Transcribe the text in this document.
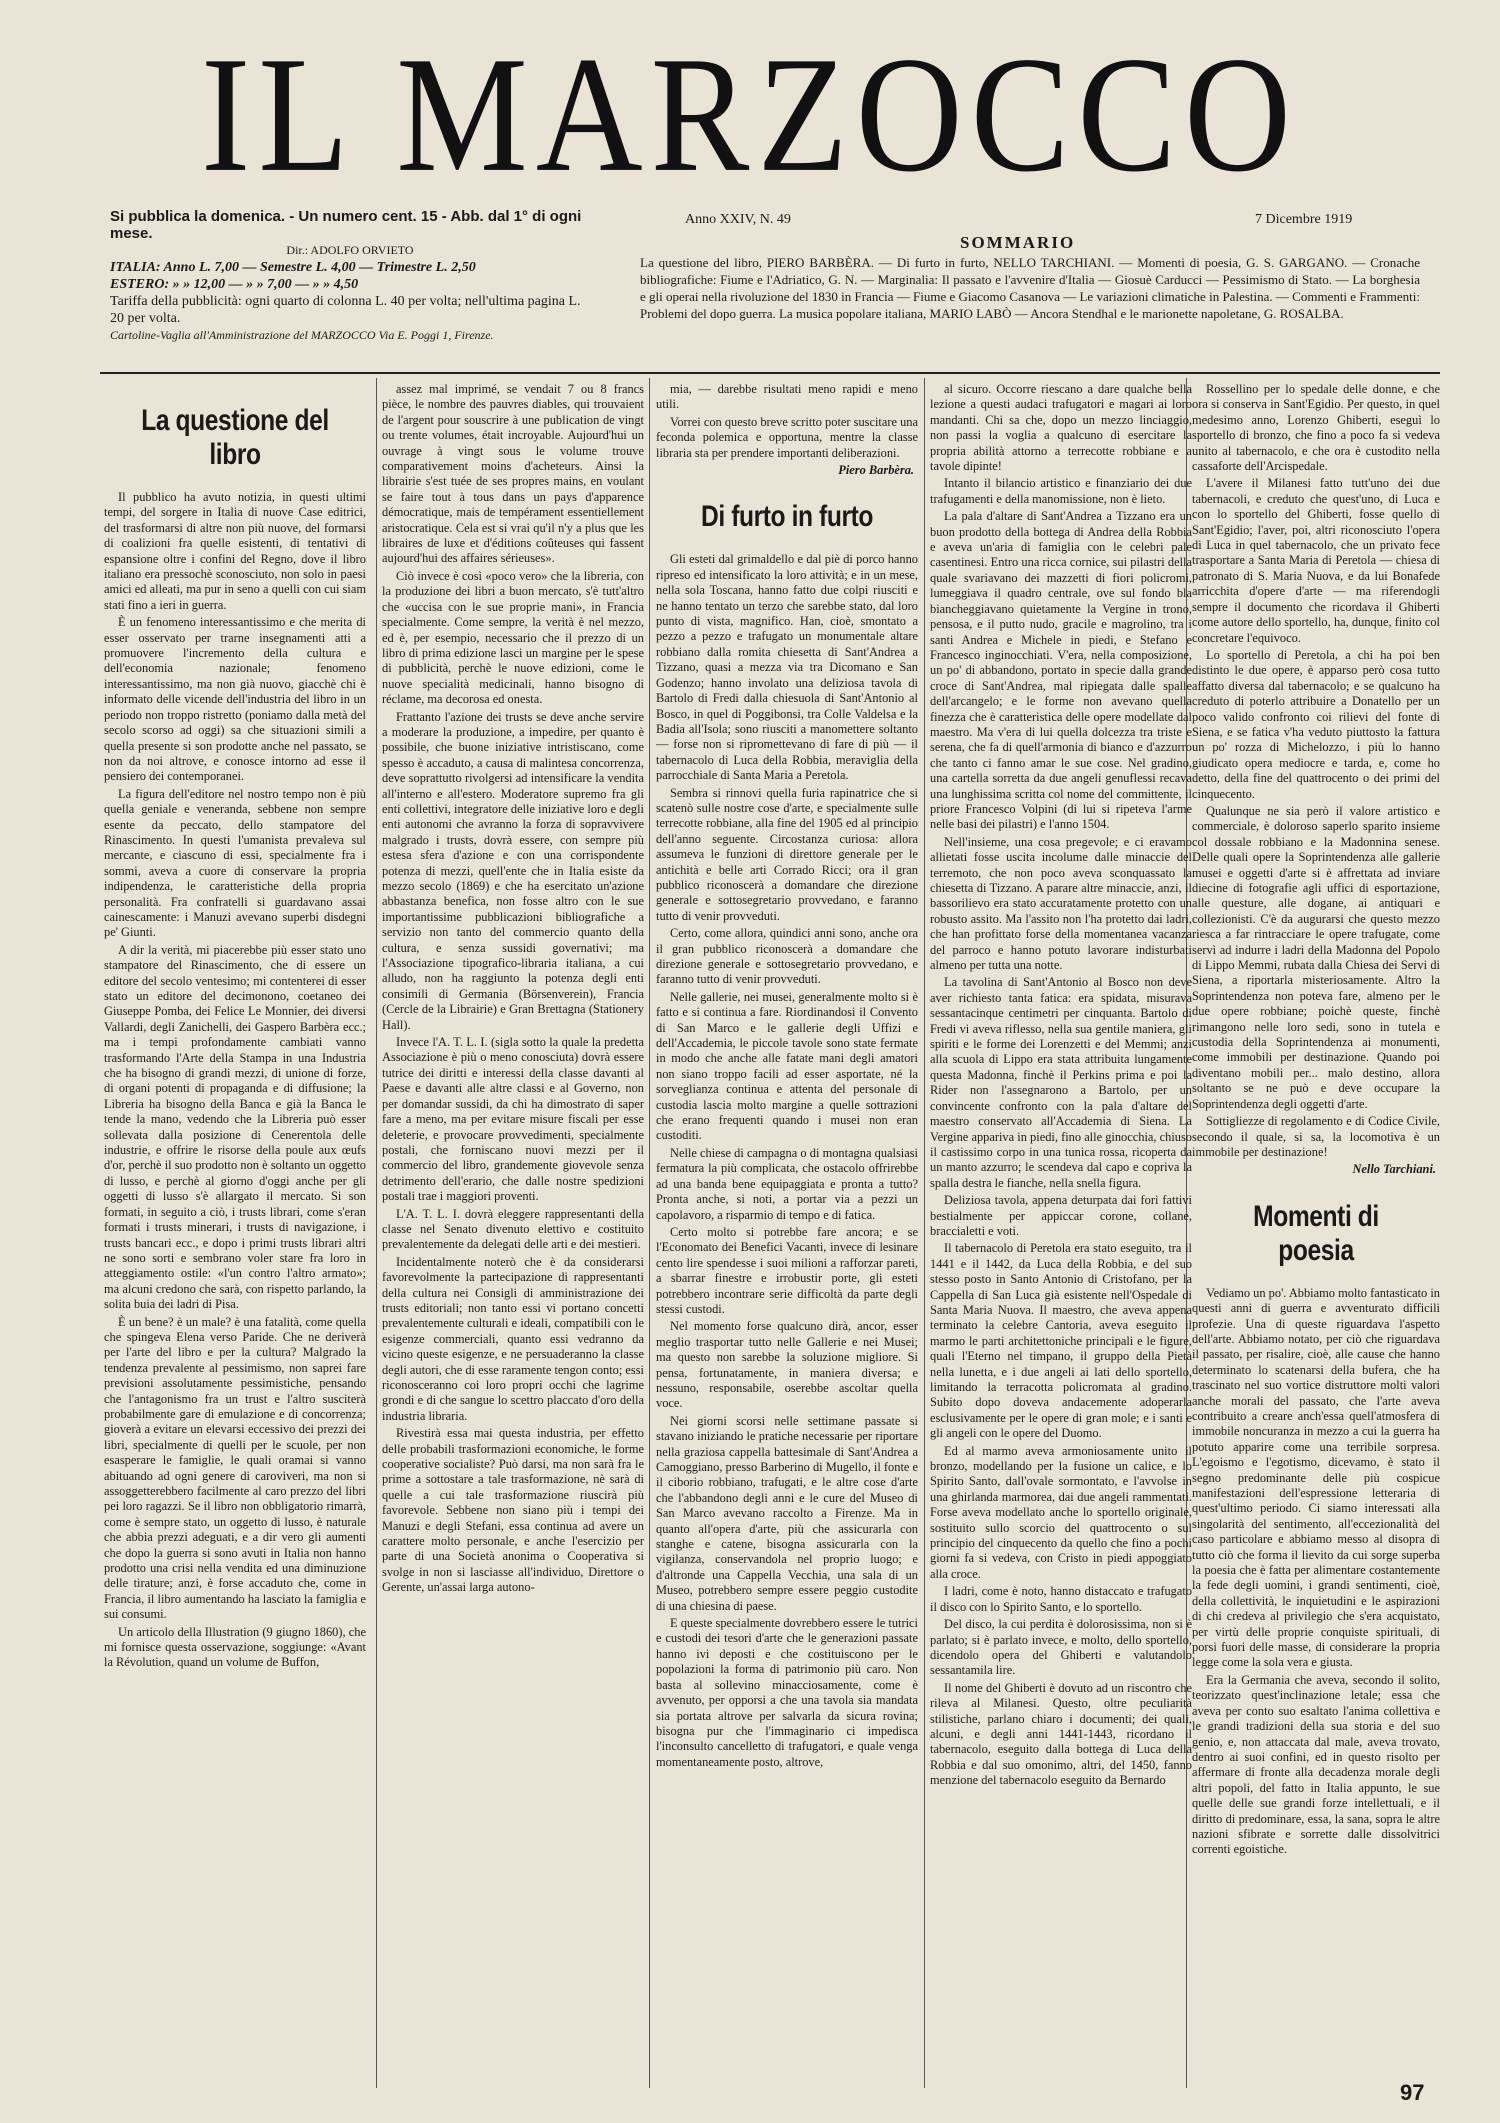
IL MARZOCCO
Si pubblica la domenica. - Un numero cent. 15 - Abb. dal 1° di ogni mese.
Dir.: ADOLFO ORVIETO
ITALIA: Anno L. 7,00 — Semestre L. 4,00 — Trimestre L. 2,50
ESTERO: » » 12,00 — » » 7,00 — » » 4,50
Tariffa della pubblicità: ogni quarto di colonna L. 40 per volta; nell'ultima pagina L. 20 per volta.
Cartoline-Vaglia all'Amministrazione del MARZOCCO Via E. Poggi 1, Firenze.
Anno XXIV, N. 49	7 Dicembre 1919
SOMMARIO
La questione del libro, PIERO BARBÈRA. — Di furto in furto, NELLO TARCHIANI. — Momenti di poesia, G. S. GARGANO. — Cronache bibliografiche: Fiume e l'Adriatico, G. N. — Marginalia: Il passato e l'avvenire d'Italia — Giosuè Carducci — Pessimismo di Stato. — La borghesia e gli operai nella rivoluzione del 1830 in Francia — Fiume e Giacomo Casanova — Le variazioni climatiche in Palestina. — Commenti e Frammenti: Problemi del dopo guerra. La musica popolare italiana, MARIO LABÒ — Ancora Stendhal e le marionette napoletane, G. ROSALBA.
La questione del libro

Il pubblico ha avuto notizia, in questi ultimi tempi, del sorgere in Italia di nuove Case editrici, del trasformarsi di altre non più nuove, del formarsi di coalizioni fra quelle esistenti, di tentativi di espansione oltre i confini del Regno, dove il libro italiano era pressochè sconosciuto, non solo in paesi amici ed alleati, ma pur in seno a quelli con cui siam stati fino a ieri in guerra.

È un fenomeno interessantissimo e che merita di esser osservato per trarne insegnamenti atti a promuovere l'incremento della cultura e dell'economia nazionale; fenomeno interessantissimo, ma non già nuovo, giacchè chi è informato delle vicende dell'industria del libro in un periodo non troppo ristretto (poniamo dalla metà del secolo scorso ad oggi) sa che situazioni simili a quella presente si son prodotte anche nel passato, se non da noi altrove, e conosce intorno ad esse il pensiero dei contemporanei.

La figura dell'editore nel nostro tempo non è più quella geniale e veneranda, sebbene non sempre esente da peccato, dello stampatore del Rinascimento. In questi l'umanista prevaleva sul mercante, e ciascuno di essi, specialmente fra i sommi, aveva a cuore di conservare la propria indipendenza, le caratteristiche della propria personalità. Fra confratelli si guardavano assai cainescamente: i Manuzi avevano superbi disdegni pe' Giunti.

A dir la verità, mi piacerebbe più esser stato uno stampatore del Rinascimento, che di essere un editore del secolo ventesimo; mi contenterei di esser stato un editore del decimonono, coetaneo dei Giuseppe Pomba, dei Felice Le Monnier, dei diversi Vallardi, degli Zanichelli, dei Gaspero Barbèra ecc.; ma i tempi profondamente cambiati vanno trasformando l'Arte della Stampa in una Industria che ha bisogno di grandi mezzi, di unione di forze, di organi potenti di propaganda e di diffusione; la Libreria ha bisogno della Banca e già la Banca le tende la mano, vedendo che la Libreria può esser sollevata dalla posizione di Cenerentola delle industrie, e offrire le risorse della poule aux œufs d'or, perchè il suo prodotto non è soltanto un oggetto di lusso, e perchè al giorno d'oggi anche per gli oggetti di lusso s'è allargato il mercato. Si son formati, in seguito a ciò, i trusts librari, come s'eran formati i trusts minerari, i trusts di navigazione, i trusts bancari ecc., e dopo i primi trusts librari altri ne sono sorti e sembrano voler stare fra loro in atteggiamento ostile: «l'un contro l'altro armato»; ma alcuni credono che sarà, con rispetto parlando, la solita buia dei ladri di Pisa.

È un bene? è un male? è una fatalità, come quella che spingeva Elena verso Paride. Che ne deriverà per l'arte del libro e per la cultura? Malgrado la tendenza prevalente al pessimismo, non saprei fare previsioni assolutamente pessimistiche, pensando che l'antagonismo fra un trust e l'altro susciterà probabilmente gare di emulazione e di concorrenza; gioverà a evitare un elevarsi eccessivo dei prezzi dei libri, specialmente di quelli per le scuole, per non esasperare le famiglie, le quali oramai si vanno abituando ad ogni genere di caroviveri, ma non si assoggetterebbero facilmente al caro prezzo del libri pei loro ragazzi. Se il libro non obbligatorio rimarrà, come è sempre stato, un oggetto di lusso, è naturale che abbia prezzi adeguati, e a dir vero gli aumenti che dopo la guerra si sono avuti in Italia non hanno prodotto una crisi nella vendita ed una diminuzione delle tirature; anzi, è forse accaduto che, come in Francia, il libro aumentando ha lasciato la famiglia e sui consumi.

Un articolo della Illustration (9 giugno 1860), che mi fornisce questa osservazione, soggiunge: «Avant la Révolution, quand un volume de Buffon,

assez mal imprimé, se vendait 7 ou 8 francs pièce, le nombre des pauvres diables, qui trouvaient de l'argent pour souscrire à une publication de vingt ou trente volumes, était incroyable. Aujourd'hui un ouvrage à vingt sous le volume trouve comparativement moins d'acheteurs. Ainsi la librairie s'est tuée de ses propres mains, en voulant se faire tout à tous dans un pays d'apparence démocratique, mais de tempérament essentiellement aristocratique. Cela est si vrai qu'il n'y a plus que les libraires de luxe et d'éditions coûteuses qui fassent aujourd'hui des affaires sérieuses».

Ciò invece è così «poco vero» che la libreria, con la produzione dei libri a buon mercato, s'è tutt'altro che «uccisa con le sue proprie mani», in Francia specialmente. Come sempre, la verità è nel mezzo, ed è, per esempio, necessario che il prezzo di un libro di prima edizione lasci un margine per le spese di pubblicità, perchè le nuove edizioni, come le nuove specialità medicinali, hanno bisogno di réclame, ma decorosa ed onesta.

Frattanto l'azione dei trusts se deve anche servire a moderare la produzione, a impedire, per quanto è possibile, che buone iniziative intristiscano, come spesso è accaduto, a causa di malintesa concorrenza, deve soprattutto rivolgersi ad intensificare la vendita all'interno e all'estero. Moderatore supremo fra gli enti collettivi, integratore delle iniziative loro e degli enti autonomi che avranno la forza di sopravvivere malgrado i trusts, dovrà essere, con sempre più estesa sfera d'azione e con una corrispondente potenza di mezzi, quell'ente che in Italia esiste da mezzo secolo (1869) e che ha esercitato un'azione abbastanza benefica, non fosse altro con le sue importantissime pubblicazioni bibliografiche a servizio non tanto del commercio quanto della cultura, e senza sussidi governativi; ma l'Associazione tipografico-libraria italiana, a cui alludo, non ha raggiunto la potenza degli enti consimili di Germania (Börsenverein), Francia (Cercle de la Librairie) e Gran Brettagna (Stationery Hall).

Invece l'A. T. L. I. (sigla sotto la quale la predetta Associazione è più o meno conosciuta) dovrà essere tutrice dei diritti e interessi della classe davanti al Paese e davanti alle altre classi e al Governo, non per domandar sussidi, da chi ha dimostrato di saper fare a meno, ma per evitare misure fiscali per esse deleterie, e provocare provvedimenti, specialmente postali, che forniscano nuovi mezzi per il commercio del libro, grandemente giovevole senza detrimento dell'erario, che dalle nostre spedizioni postali trae i maggiori proventi.

L'A. T. L. I. dovrà eleggere rappresentanti della classe nel Senato divenuto elettivo e costituito prevalentemente da delegati delle arti e dei mestieri.

Incidentalmente noterò che è da considerarsi favorevolmente la partecipazione di rappresentanti della cultura nei Consigli di amministrazione dei trusts editoriali; non tanto essi vi portano concetti prevalentemente culturali e ideali, compatibili con le esigenze commerciali, quanto essi vedranno da vicino queste esigenze, e ne persuaderanno la classe degli autori, che di esse raramente tengon conto; essi riconosceranno coi loro propri occhi che lagrime grondi e di che sangue lo scettro placcato d'oro della industria libraria.

Rivestirà essa mai questa industria, per effetto delle probabili trasformazioni economiche, le forme cooperative socialiste? Può darsi, ma non sarà fra le prime a sottostare a tale trasformazione, nè sarà di quelle a cui tale trasformazione riuscirà più favorevole. Sebbene non siano più i tempi dei Manuzi e degli Stefani, essa continua ad avere un carattere molto personale, e anche l'esercizio per parte di una Società anonima o Cooperativa si svolge in non si lasciasse all'individuo, Direttore o Gerente, un'assai larga autono-

mia, — darebbe risultati meno rapidi e meno utili.

Vorrei con questo breve scritto poter suscitare una feconda polemica e opportuna, mentre la classe libraria sta per prendere importanti deliberazioni.

Piero Barbèra.

Di furto in furto

Gli esteti dal grimaldello e dal piè di porco hanno ripreso ed intensificato la loro attività; e in un mese, nella sola Toscana, hanno fatto due colpi riusciti e ne hanno tentato un terzo che sarebbe stato, dal loro punto di vista, magnifico. Han, cioè, smontato a pezzo a pezzo e trafugato un monumentale altare robbiano dalla romita chiesetta di Sant'Andrea a Tizzano, quasi a mezza via tra Dicomano e San Godenzo; hanno involato una deliziosa tavola di Bartolo di Fredi dalla chiesuola di Sant'Antonio al Bosco, in quel di Poggibonsi, tra Colle Valdelsa e la Badia all'Isola; sono riusciti a manomettere soltanto — forse non si ripromettevano di fare di più — il tabernacolo di Luca della Robbia, meraviglia della parrocchiale di Santa Maria a Peretola.

Sembra si rinnovi quella furia rapinatrice che si scatenò sulle nostre cose d'arte, e specialmente sulle terrecotte robbiane, alla fine del 1905 ed al principio dell'anno seguente. Circostanza curiosa: allora assumeva le funzioni di direttore generale per le antichità e belle arti Corrado Ricci; ora il gran pubblico riconoscerà a domandare che direzione generale e sottosegretario provvedano, e faranno tutto di venir provveduti.

Certo, come allora, quindici anni sono, anche ora il gran pubblico riconoscerà a domandare che direzione generale e sottosegretario provvedano, e faranno tutto di venir provveduti.

Nelle gallerie, nei musei, generalmente molto si è fatto e si continua a fare. Riordinandosi il Convento di San Marco e le gallerie degli Uffizi e dell'Accademia, le piccole tavole sono state fermate in modo che anche alle fatate mani degli amatori non siano troppo facili ad esser asportate, né la sorveglianza continua e attenta del personale di custodia lascia molto margine a quelle sottrazioni che erano frequenti quando i musei non eran custoditi.

Nelle chiese di campagna o di montagna qualsiasi fermatura la più complicata, che ostacolo offrirebbe ad una banda bene equipaggiata e pronta a tutto? Pronta anche, si noti, a portar via a pezzi un capolavoro, a risparmio di tempo e di fatica.

Certo molto si potrebbe fare ancora; e se l'Economato dei Benefici Vacanti, invece di lesinare cento lire spendesse i suoi milioni a rafforzar pareti, a sbarrar finestre e irrobustir porte, gli esteti potrebbero incontrare serie difficoltà da parte degli stessi custodi.

Nel momento forse qualcuno dirà, ancor, esser meglio trasportar tutto nelle Gallerie e nei Musei; ma questo non sarebbe la soluzione migliore. Si pensa, fortunatamente, in maniera diversa; e nessuno, responsabile, oserebbe ascoltar quella voce.

Nei giorni scorsi nelle settimane passate si stavano iniziando le pratiche necessarie per riportare nella graziosa cappella battesimale di Sant'Andrea a Camoggiano, presso Barberino di Mugello, il fonte e il ciborio robbiano, trafugati, e le altre cose d'arte che l'abbandono degli anni e le cure del Museo di San Marco avevano raccolto a Firenze. Ma in quanto all'opera d'arte, più che assicurarla con stanghe e catene, bisogna assicurarla con la vigilanza, conservandola nel proprio luogo; e d'altronde una Cappella Vecchia, una sala di un Museo, potrebbero sempre essere peggio custodite di una chiesina di paese.

E queste specialmente dovrebbero essere le tutrici e custodi dei tesori d'arte che le generazioni passate hanno ivi deposti e che costituiscono per le popolazioni la forma di patrimonio più caro. Non basta al sollevino minacciosamente, come è avvenuto, per opporsi a che una tavola sia mandata sia portata altrove per salvarla da sicura rovina; bisogna pur che l'immaginario ci impedisca l'inconsulto cancelletto di trafugatori, e quale venga momentaneamente posto, altrove,

al sicuro. Occorre riescano a dare qualche bella lezione a questi audaci trafugatori e magari ai loro mandanti. Chi sa che, dopo un mezzo linciaggio, non passi la voglia a qualcuno di esercitare la propria abilità attorno a terrecotte robbiane e a tavole dipinte!

Intanto il bilancio artistico e finanziario dei due trafugamenti e della manomissione, non è lieto.

La pala d'altare di Sant'Andrea a Tizzano era un buon prodotto della bottega di Andrea della Robbia e aveva un'aria di famiglia con le celebri pale casentinesi. Entro una ricca cornice, sui pilastri della quale svariavano dei mazzetti di fiori policromi, lumeggiava il quadro centrale, ove sul fondo bla biancheggiavano quietamente la Vergine in trono, pensosa, e il putto nudo, gracile e magrolino, tra i santi Andrea e Michele in piedi, e Stefano e Francesco inginocchiati. V'era, nella composizione, un po' di abbandono, portato in specie dalla grande croce di Sant'Andrea, mal ripiegata dalle spalle dell'arcangelo; e le forme non avevano quella finezza che è caratteristica delle opere modellate dal maestro. Ma v'era di lui quella dolcezza tra triste e serena, che fa di quell'armonia di bianco e d'azzurro che tanto ci fanno amar le sue cose. Nel gradino, una cartella sorretta da due angeli genuflessi recava una lunghissima scritta col nome del committente, il priore Francesco Volpini (di lui si ripeteva l'arme nelle basi dei pilastri) e l'anno 1504.

Nell'insieme, una cosa pregevole; e ci eravamo allietati fosse uscita incolume dalle minaccie del terremoto, che non poco aveva sconquassato la chiesetta di Tizzano. A parare altre minaccie, anzi, il bassorilievo era stato accuratamente protetto con un robusto assito. Ma l'assito non l'ha protetto dai ladri, che han profittato forse della momentanea vacanza del parroco e hanno potuto lavorare indisturbati almeno per tutta una notte.

La tavolina di Sant'Antonio al Bosco non deve aver richiesto tanta fatica: era spidata, misurava sessantacinque centimetri per cinquanta. Bartolo di Fredi vi aveva riflesso, nella sua gentile maniera, gli spiriti e le forme dei Lorenzetti e del Memmi; anzi alla scuola di Lippo era stata attribuita lungamente questa Madonna, finchè il Perkins prima e poi la Rider non l'assegnarono a Bartolo, per un convincente confronto con la pala d'altare del maestro conservato all'Accademia di Siena. La Vergine appariva in piedi, fino alle ginocchia, chiuso il castissimo corpo in una tunica rossa, ricoperta da un manto azzurro; le scendeva dal capo e copriva la spalla destra le fianche, nella snella figura.

Deliziosa tavola, appena deturpata dai fori fattivi bestialmente per appiccar corone, collane, braccialetti e voti.

Il tabernacolo di Peretola era stato eseguito, tra il 1441 e il 1442, da Luca della Robbia, e del suo stesso posto in Santo Antonio di Cristofano, per la Cappella di San Luca già esistente nell'Ospedale di Santa Maria Nuova. Il maestro, che aveva appena terminato la celebre Cantoria, aveva eseguito il marmo le parti architettoniche principali e le figure, quali l'Eterno nel timpano, il gruppo della Pietà nella lunetta, e i due angeli ai lati dello sportello, limitando la terracotta policromata al gradino. Subito dopo doveva andacemente adoperarla esclusivamente per le opere di gran mole; e i santi e gli angeli con le opere del Duomo.

Ed al marmo aveva armoniosamente unito il bronzo, modellando per la fusione un calice, e lo Spirito Santo, dall'ovale sormontato, e l'avvolse in una ghirlanda marmorea, dai due angeli rammentati. Forse aveva modellato anche lo sportello originale, sostituito sullo scorcio del quattrocento o sul principio del cinquecento da quello che fino a pochi giorni fa si vedeva, con Cristo in piedi appoggiato alla croce.

I ladri, come è noto, hanno distaccato e trafugato il disco con lo Spirito Santo, e lo sportello.

Del disco, la cui perdita è dolorosissima, non si è parlato; si è parlato invece, e molto, dello sportello, dicendolo opera del Ghiberti e valutandolo sessantamila lire.

Il nome del Ghiberti è dovuto ad un riscontro che rileva al Milanesi. Questo, oltre peculiarità stilistiche, parlano chiaro i documenti; dei quali, alcuni, e degli anni 1441-1443, ricordano il tabernacolo, eseguito dalla bottega di Luca della Robbia e dal suo omonimo, altri, del 1450, fanno menzione del tabernacolo eseguito da Bernardo

Rossellino per lo spedale delle donne, e che ora si conserva in Sant'Egidio. Per questo, in quel medesimo anno, Lorenzo Ghiberti, eseguì lo sportello di bronzo, che fino a poco fa si vedeva unito al tabernacolo, e che ora è custodito nella cassaforte dell'Arcispedale.

L'avere il Milanesi fatto tutt'uno dei due tabernacoli, e creduto che quest'uno, di Luca e con lo sportello del Ghiberti, fosse quello di Sant'Egidio; l'aver, poi, altri riconosciuto l'opera di Luca in quel tabernacolo, che un privato fece trasportare a Santa Maria di Peretola — chiesa di patronato di S. Maria Nuova, e da lui Bonafede arricchita d'opere d'arte — ma riferendogli sempre il documento che ricordava il Ghiberti come autore dello sportello, ha, dunque, finito col concretare l'equivoco.

Lo sportello di Peretola, a chi ha poi ben distinto le due opere, è apparso però cosa tutto affatto diversa dal tabernacolo; e se qualcuno ha creduto di poterlo attribuire a Donatello per un poco valido confronto coi rilievi del fonte di Siena, e se fatica v'ha veduto piuttosto la fattura un po' rozza di Michelozzo, i più lo hanno giudicato opera mediocre e tarda, e, come ho detto, della fine del quattrocento o dei primi del cinquecento.

Qualunque ne sia però il valore artistico e commerciale, è doloroso saperlo sparito insieme col dossale robbiano e la Madonnina senese. Delle quali opere la Soprintendenza alle gallerie musei e oggetti d'arte si è affrettata ad inviare diecine di fotografie agli uffici di esportazione, alle questure, alle dogane, ai antiquari e collezionisti. C'è da augurarsi che questo mezzo riesca a far rintracciare le opere trafugate, come servì ad indurre i ladri della Madonna del Popolo di Lippo Memmi, rubata dalla Chiesa dei Servi di Siena, a riportarla misteriosamente. Altro la Soprintendenza non poteva fare, almeno per le due opere robbiane; poichè queste, finchè rimangono nelle loro sedi, sono in tutela e custodia della Soprintendenza ai monumenti, come immobili per destinazione. Quando poi diventano mobili per... malo destino, allora soltanto se ne può e deve occupare la Soprintendenza degli oggetti d'arte.

Sottigliezze di regolamento e di Codice Civile, secondo il quale, si sa, la locomotiva è un immobile per destinazione!

Nello Tarchiani.

Momenti di poesia

Vediamo un po'. Abbiamo molto fantasticato in questi anni di guerra e avventurato difficili profezie. Una di queste riguardava l'aspetto dell'arte. Abbiamo notato, per ciò che riguardava il passato, per risalire, cioè, alle cause che hanno determinato lo scatenarsi della bufera, che ha trascinato nel suo vortice distruttore molti valori anche morali del passato, che l'arte aveva contribuito a creare anch'essa quell'atmosfera di immobile noncuranza in mezzo a cui la guerra ha potuto apparire come una terribile sorpresa. L'egoismo e l'egotismo, dicevamo, è stato il segno predominante delle più cospicue manifestazioni dell'espressione letteraria di quest'ultimo periodo. Ci siamo interessati alla singolarità del sentimento, all'eccezionalità del caso particolare e abbiamo messo al disopra di tutto ciò che forma il lievito da cui sorge superba la poesia che è fatta per alimentare costantemente la fede degli uomini, i grandi sentimenti, cioè, della collettività, le inquietudini e le aspirazioni di chi credeva al privilegio che s'era acquistato, per virtù delle proprie conquiste spirituali, di porsi fuori delle masse, di considerare la propria legge come la sola vera e giusta.

Era la Germania che aveva, secondo il solito, teorizzato quest'inclinazione letale; essa che aveva per conto suo esaltato l'anima collettiva e le grandi tradizioni della sua storia e del suo genio, e, non attaccata dal male, aveva trovato, dentro ai suoi confini, ed in questo risolto per affermare di fronte alla decadenza morale degli altri popoli, del fatto in Italia appunto, le sue quelle delle sue grandi forze intellettuali, e il diritto di predominare, essa, la sana, sopra le altre nazioni sfibrate e sorrette dalle dissolvitrici correnti egoistiche.

97
